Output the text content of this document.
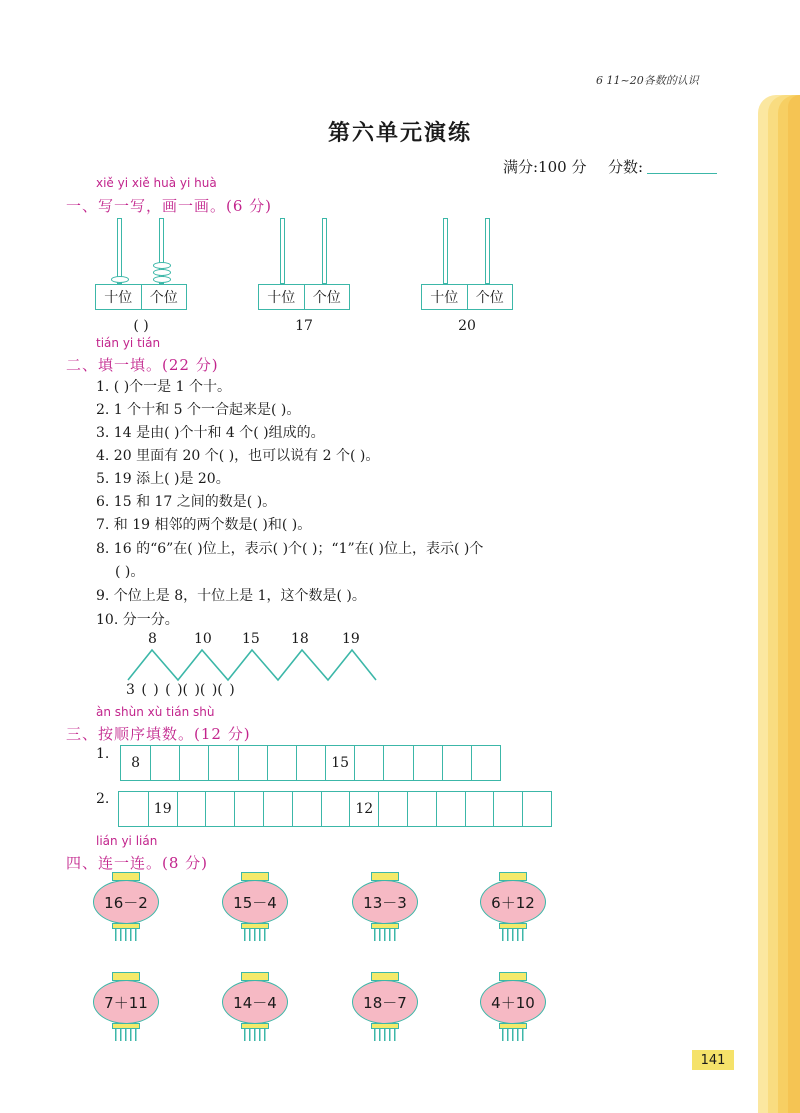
6 11~20各数的认识
第六单元演练
满分:100 分 分数:
xiě yi xiě huà yi huà
一、写一写，画一画。(6 分)
十位	个位
( )
十位	个位
17
十位	个位
20
tián yi tián
二、填一填。(22 分)
1. ( )个一是 1 个十。
2. 1 个十和 5 个一合起来是( )。
3. 14 是由( )个十和 4 个( )组成的。
4. 20 里面有 20 个( )，也可以说有 2 个( )。
5. 19 添上( )是 20。
6. 15 和 17 之间的数是( )。
7. 和 19 相邻的两个数是( )和( )。
8. 16 的“6”在( )位上，表示( )个( )；“1”在( )位上，表示( )个
( )。
9. 个位上是 8，十位上是 1，这个数是( )。
10. 分一分。
8	10 15 18 19
3 ( ) ( )( )( )( )
àn shùn xù tián shù
三、按顺序填数。(12 分)
1.
8	15
2.
19	12
lián yi lián
四、连一连。(8 分)
16－2	15－4	13－3	6＋12
7＋11	14－4	18－7	4＋10
141
